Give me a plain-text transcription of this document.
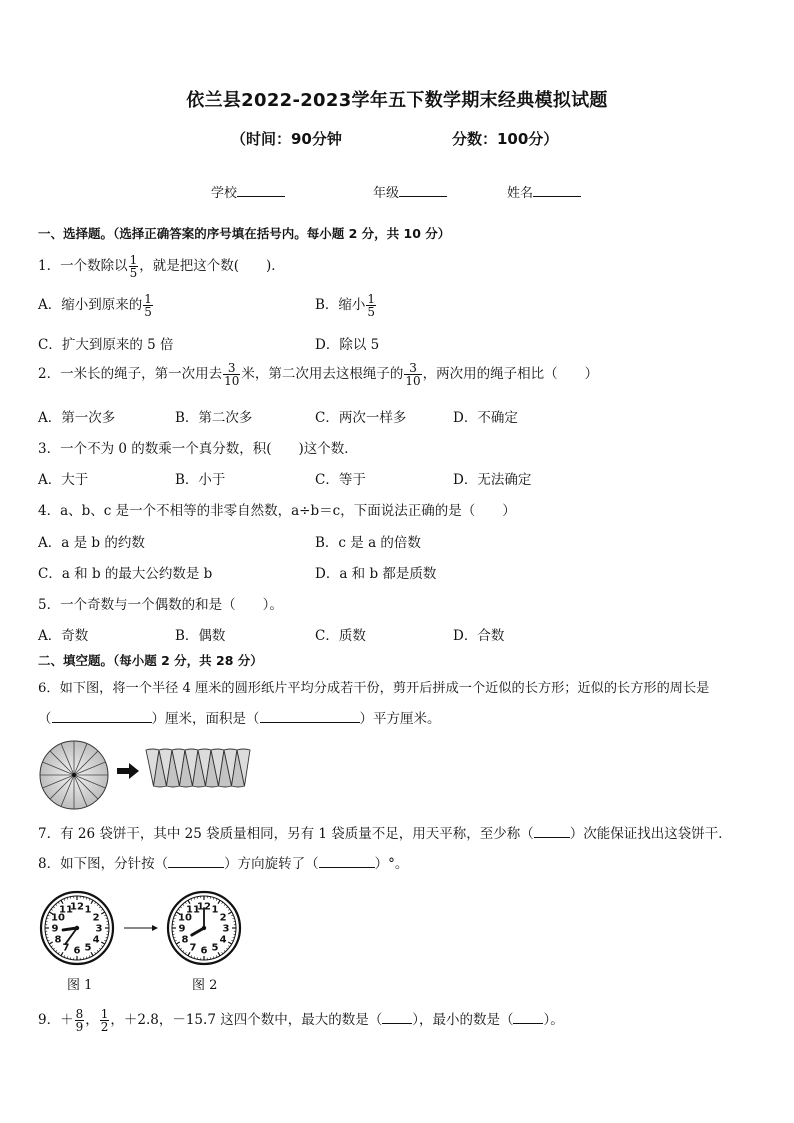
依兰县2022-2023学年五下数学期末经典模拟试题
（时间：90分钟	分数：100分）
学校	年级	姓名
一、选择题。（选择正确答案的序号填在括号内。每小题 2 分，共 10 分）
1．一个数除以 $\frac{1}{5}$ ，就是把这个数(　　)．
A．缩小到原来的 $\frac{1}{5}$	B．缩小 $\frac{1}{5}$
C．扩大到原来的 5 倍	D．除以 5
2．一米长的绳子，第一次用去 $\frac{3}{10}$ 米，第二次用去这根绳子的 $\frac{3}{10}$ ，两次用的绳子相比（　　）
A．第一次多	B．第二次多	C．两次一样多	D．不确定
3．一个不为 0 的数乘一个真分数，积(　　)这个数．
A．大于	B．小于	C．等于	D．无法确定
4．a、b、c 是一个不相等的非零自然数，a÷b＝c，下面说法正确的是（　　）
A．a 是 b 的约数	B．c 是 a 的倍数
C．a 和 b 的最大公约数是 b	D．a 和 b 都是质数
5．一个奇数与一个偶数的和是（　　）。
A．奇数	B．偶数	C．质数	D．合数
二、填空题。（每小题 2 分，共 28 分）
6．如下图，将一个半径 4 厘米的圆形纸片平均分成若干份，剪开后拼成一个近似的长方形；近似的长方形的周长是
（	）厘米，面积是（	）平方厘米。
7．有 26 袋饼干，其中 25 袋质量相同，另有 1 袋质量不足，用天平称，至少称（	）次能保证找出这袋饼干．
8．如下图，分针按（	）方向旋转了（	）°。
12 1
2
3
4
5
6
7
8
9
10
11	12 1
2
3
4
5
6
7
8
9
10
11
图 1	图 2
9．＋ $\frac{8}{9}$ ， $\frac{1}{2}$ ，＋2.8，－15.7 这四个数中，最大的数是（ ），最小的数是（ ）。
